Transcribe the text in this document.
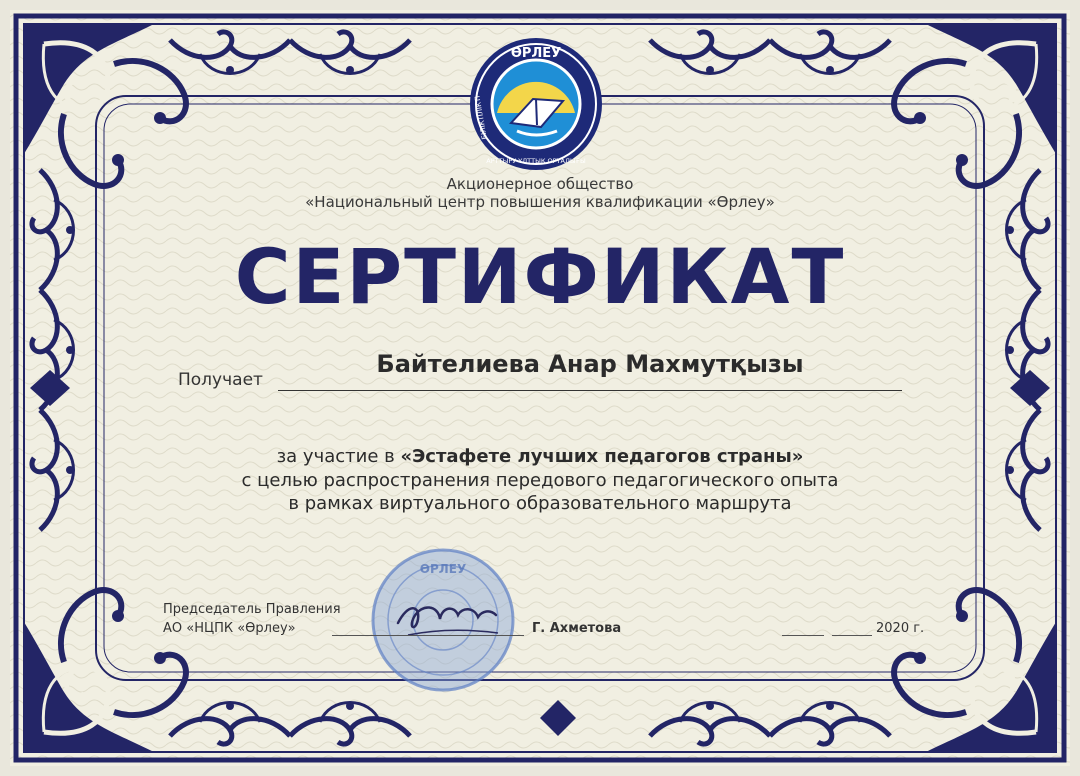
ӨРЛЕУ
БІЛІКТІЛІКТІ
АРТТЫРУ ҰЛТТЫҚ ОРТАЛЫҒЫ
Акционерное общество
«Национальный центр повышения квалификации «Өрлеу»
СЕРТИФИКАТ
Получает
Байтелиева Анар Махмутқызы
за участие в «Эстафете лучших педагогов страны»
с целью распространения передового педагогического опыта
в рамках виртуального образовательного маршрута
ӨРЛЕУ
Председатель Правления
АО «НЦПК «Өрлеу»	Г. Ахметова	2020 г.
